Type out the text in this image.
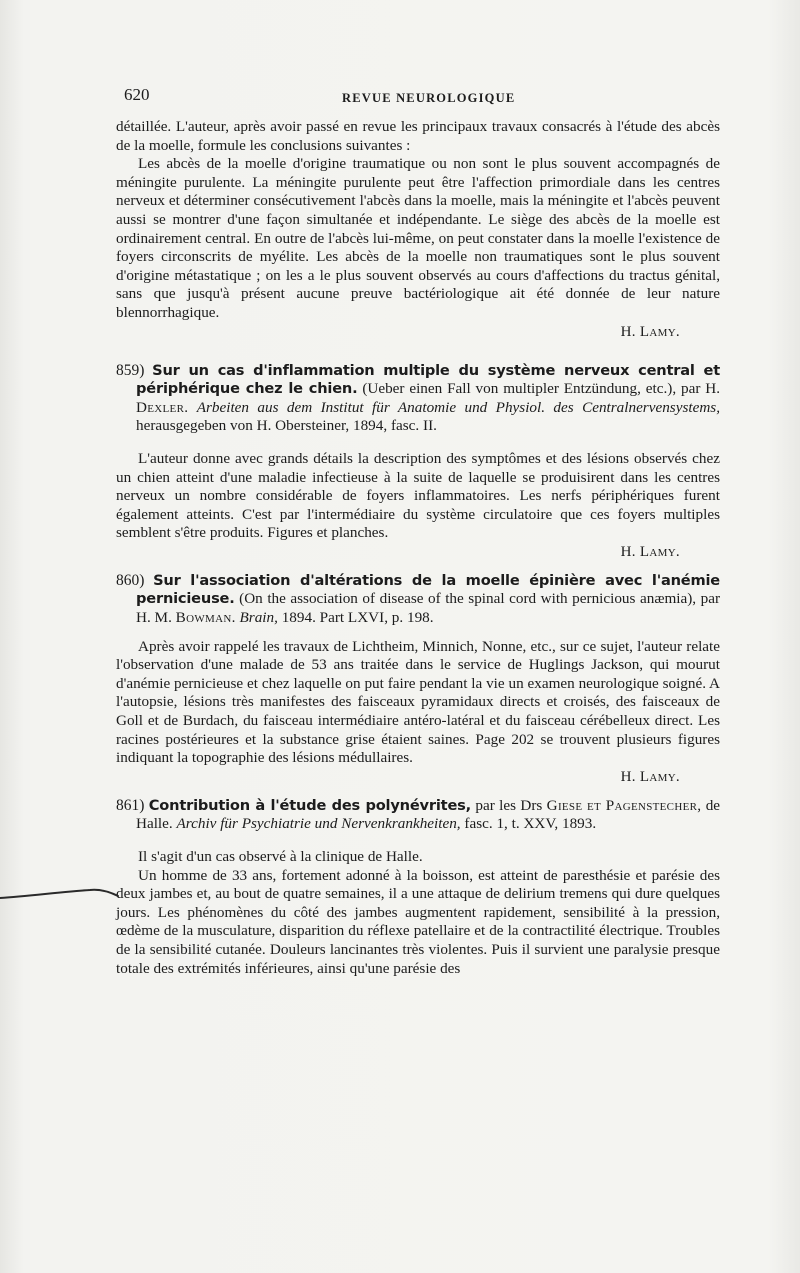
620	REVUE NEUROLOGIQUE

détaillée. L'auteur, après avoir passé en revue les principaux travaux consacrés à l'étude des abcès de la moelle, formule les conclusions suivantes :

Les abcès de la moelle d'origine traumatique ou non sont le plus souvent accompagnés de méningite purulente. La méningite purulente peut être l'affection primordiale dans les centres nerveux et déterminer consécutivement l'abcès dans la moelle, mais la méningite et l'abcès peuvent aussi se montrer d'une façon simultanée et indépendante. Le siège des abcès de la moelle est ordinairement central. En outre de l'abcès lui-même, on peut constater dans la moelle l'existence de foyers circonscrits de myélite. Les abcès de la moelle non traumatiques sont le plus souvent d'origine métastatique ; on les a le plus souvent observés au cours d'affections du tractus génital, sans que jusqu'à présent aucune preuve bactériologique ait été donnée de leur nature blennorrhagique.

H. Lamy.

859) Sur un cas d'inflammation multiple du système nerveux central et périphérique chez le chien. (Ueber einen Fall von multipler Entzündung, etc.), par H. Dexler. Arbeiten aus dem Institut für Anatomie und Physiol. des Centralnervensystems, herausgegeben von H. Obersteiner, 1894, fasc. II.

L'auteur donne avec grands détails la description des symptômes et des lésions observés chez un chien atteint d'une maladie infectieuse à la suite de laquelle se produisirent dans les centres nerveux un nombre considérable de foyers inflammatoires. Les nerfs périphériques furent également atteints. C'est par l'intermédiaire du système circulatoire que ces foyers multiples semblent s'être produits. Figures et planches.

H. Lamy.

860) Sur l'association d'altérations de la moelle épinière avec l'anémie pernicieuse. (On the association of disease of the spinal cord with pernicious anæmia), par H. M. Bowman. Brain, 1894. Part LXVI, p. 198.

Après avoir rappelé les travaux de Lichtheim, Minnich, Nonne, etc., sur ce sujet, l'auteur relate l'observation d'une malade de 53 ans traitée dans le service de Huglings Jackson, qui mourut d'anémie pernicieuse et chez laquelle on put faire pendant la vie un examen neurologique soigné. A l'autopsie, lésions très manifestes des faisceaux pyramidaux directs et croisés, des faisceaux de Goll et de Burdach, du faisceau intermédiaire antéro-latéral et du faisceau cérébelleux direct. Les racines postérieures et la substance grise étaient saines. Page 202 se trouvent plusieurs figures indiquant la topographie des lésions médullaires.

H. Lamy.

861) Contribution à l'étude des polynévrites, par les Drs Giese et Pagenstecher, de Halle. Archiv für Psychiatrie und Nervenkrankheiten, fasc. 1, t. XXV, 1893.

Il s'agit d'un cas observé à la clinique de Halle.

Un homme de 33 ans, fortement adonné à la boisson, est atteint de paresthésie et parésie des deux jambes et, au bout de quatre semaines, il a une attaque de delirium tremens qui dure quelques jours. Les phénomènes du côté des jambes augmentent rapidement, sensibilité à la pression, œdème de la musculature, disparition du réflexe patellaire et de la contractilité électrique. Troubles de la sensibilité cutanée. Douleurs lancinantes très violentes. Puis il survient une paralysie presque totale des extrémités inférieures, ainsi qu'une parésie des
